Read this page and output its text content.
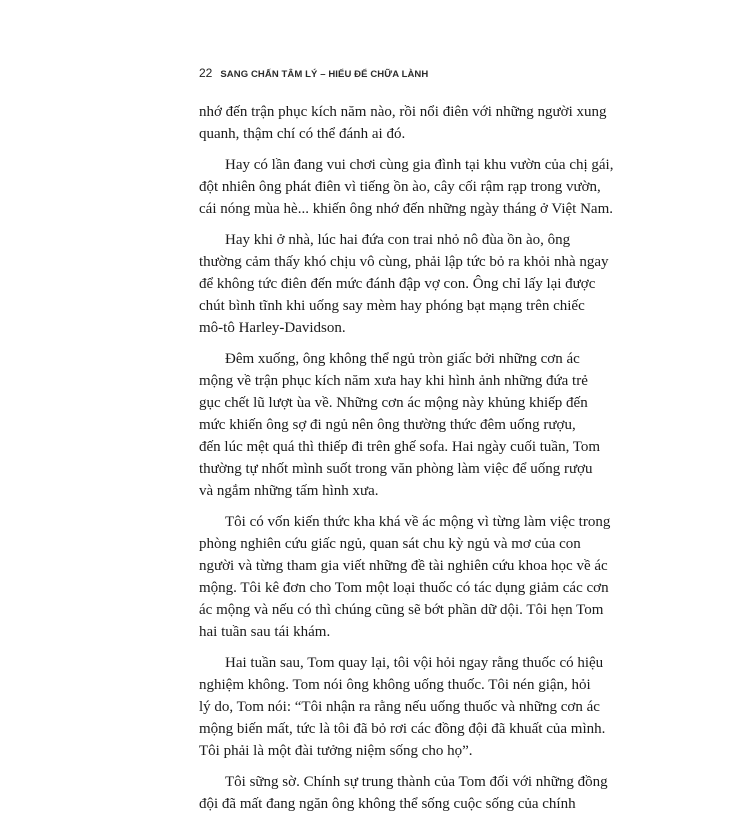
22 SANG CHẤN TÂM LÝ – HIỂU ĐỂ CHỮA LÀNH
nhớ đến trận phục kích năm nào, rồi nổi điên với những người xung
quanh, thậm chí có thể đánh ai đó.
Hay có lần đang vui chơi cùng gia đình tại khu vườn của chị gái,
đột nhiên ông phát điên vì tiếng ồn ào, cây cối rậm rạp trong vườn,
cái nóng mùa hè... khiến ông nhớ đến những ngày tháng ở Việt Nam.
Hay khi ở nhà, lúc hai đứa con trai nhỏ nô đùa ồn ào, ông
thường cảm thấy khó chịu vô cùng, phải lập tức bỏ ra khỏi nhà ngay
để không tức điên đến mức đánh đập vợ con. Ông chỉ lấy lại được
chút bình tĩnh khi uống say mèm hay phóng bạt mạng trên chiếc
mô-tô Harley-Davidson.
Đêm xuống, ông không thể ngủ tròn giấc bởi những cơn ác
mộng về trận phục kích năm xưa hay khi hình ảnh những đứa trẻ
gục chết lũ lượt ùa về. Những cơn ác mộng này khủng khiếp đến
mức khiến ông sợ đi ngủ nên ông thường thức đêm uống rượu,
đến lúc mệt quá thì thiếp đi trên ghế sofa. Hai ngày cuối tuần, Tom
thường tự nhốt mình suốt trong văn phòng làm việc để uống rượu
và ngắm những tấm hình xưa.
Tôi có vốn kiến thức kha khá về ác mộng vì từng làm việc trong
phòng nghiên cứu giấc ngủ, quan sát chu kỳ ngủ và mơ của con
người và từng tham gia viết những đề tài nghiên cứu khoa học về ác
mộng. Tôi kê đơn cho Tom một loại thuốc có tác dụng giảm các cơn
ác mộng và nếu có thì chúng cũng sẽ bớt phần dữ dội. Tôi hẹn Tom
hai tuần sau tái khám.
Hai tuần sau, Tom quay lại, tôi vội hỏi ngay rằng thuốc có hiệu
nghiệm không. Tom nói ông không uống thuốc. Tôi nén giận, hỏi
lý do, Tom nói: “Tôi nhận ra rằng nếu uống thuốc và những cơn ác
mộng biến mất, tức là tôi đã bỏ rơi các đồng đội đã khuất của mình.
Tôi phải là một đài tưởng niệm sống cho họ”.
Tôi sững sờ. Chính sự trung thành của Tom đối với những đồng
đội đã mất đang ngăn ông không thể sống cuộc sống của chính
